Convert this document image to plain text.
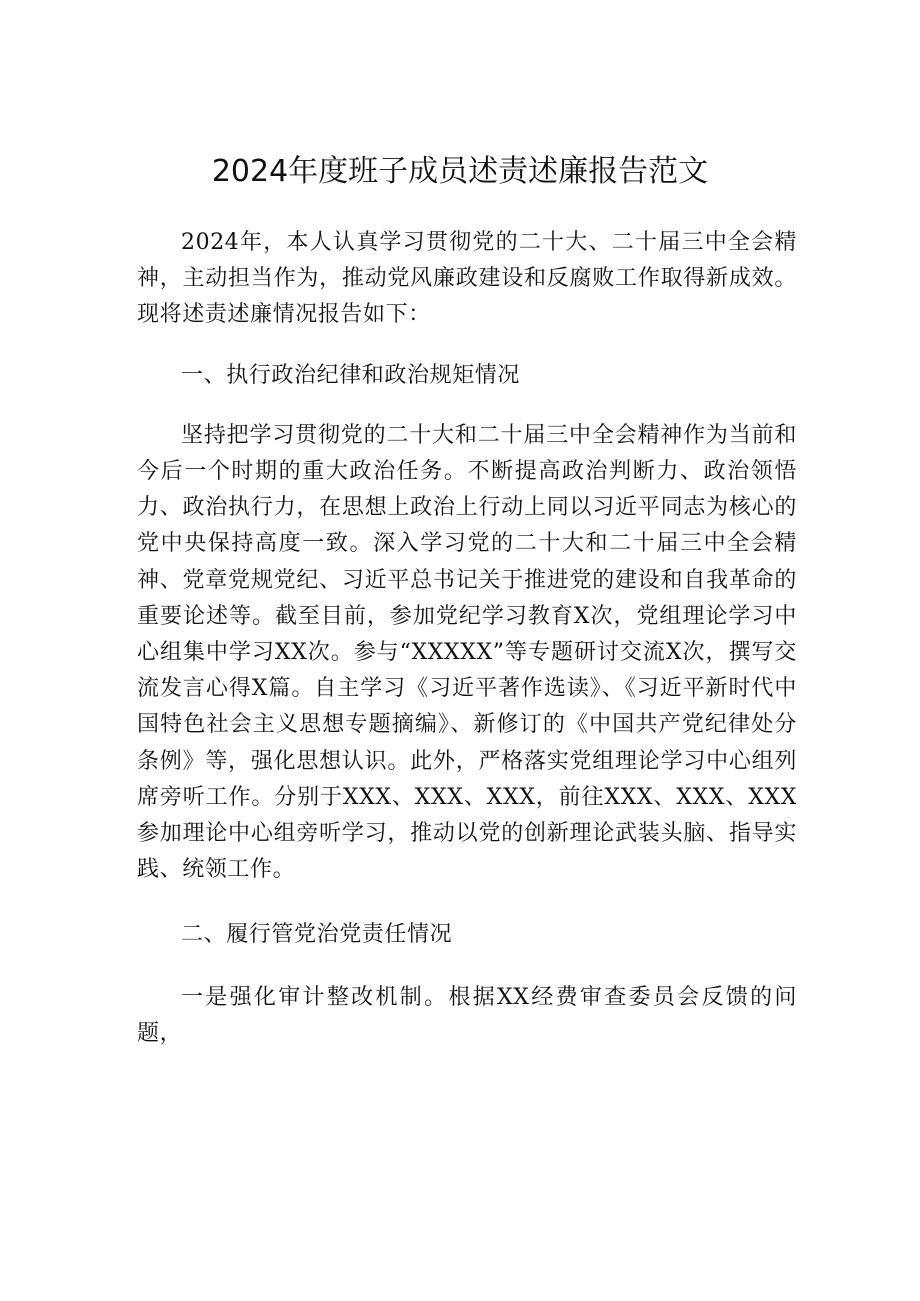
2024年度班子成员述责述廉报告范文

2024年，本人认真学习贯彻党的二十大、二十届三中全会精神，主动担当作为，推动党风廉政建设和反腐败工作取得新成效。现将述责述廉情况报告如下：

一、执行政治纪律和政治规矩情况

坚持把学习贯彻党的二十大和二十届三中全会精神作为当前和今后一个时期的重大政治任务。不断提高政治判断力、政治领悟力、政治执行力，在思想上政治上行动上同以习近平同志为核心的党中央保持高度一致。深入学习党的二十大和二十届三中全会精神、党章党规党纪、习近平总书记关于推进党的建设和自我革命的重要论述等。截至目前，参加党纪学习教育X次，党组理论学习中心组集中学习XX次。参与“XXXXX”等专题研讨交流X次，撰写交流发言心得X篇。自主学习《习近平著作选读》、《习近平新时代中国特色社会主义思想专题摘编》、新修订的《中国共产党纪律处分条例》等，强化思想认识。此外，严格落实党组理论学习中心组列席旁听工作。分别于XXX、XXX、XXX，前往XXX、XXX、XXX参加理论中心组旁听学习，推动以党的创新理论武装头脑、指导实践、统领工作。

二、履行管党治党责任情况

一是强化审计整改机制。根据XX经费审查委员会反馈的问题，
